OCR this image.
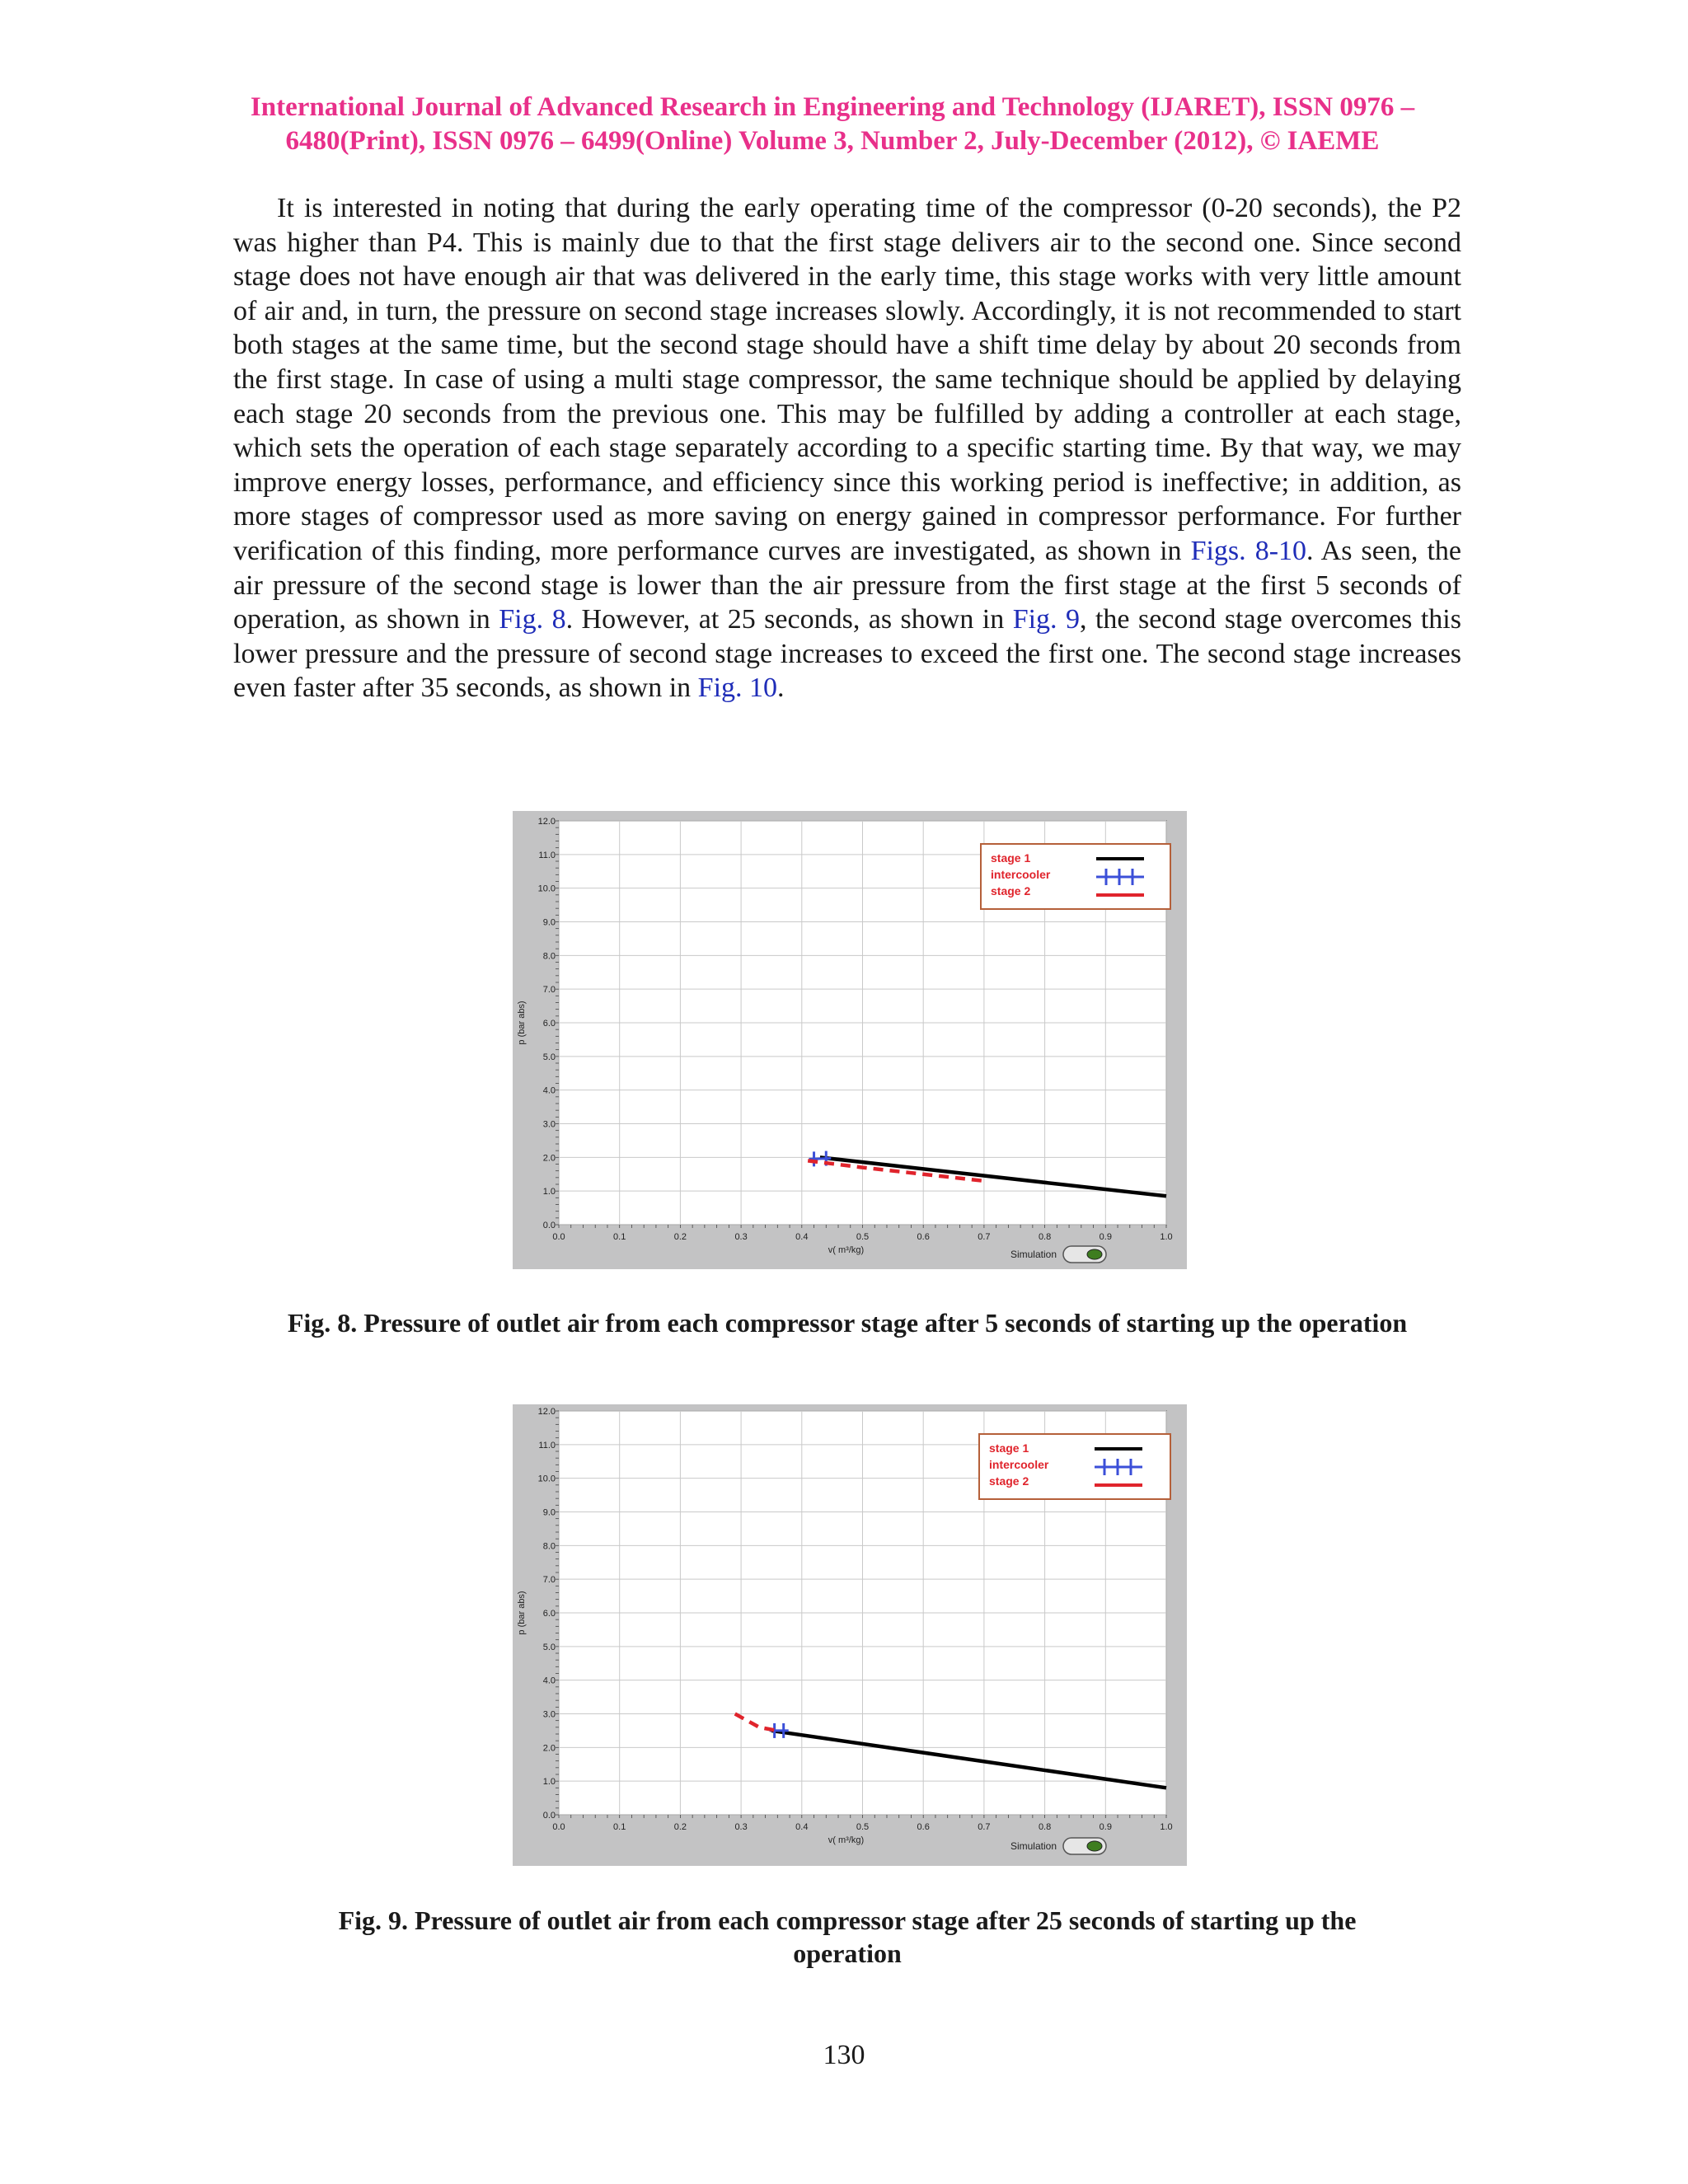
International Journal of Advanced Research in Engineering and Technology (IJARET), ISSN 0976 –
6480(Print), ISSN 0976 – 6499(Online) Volume 3, Number 2, July-December (2012), © IAEME

It is interested in noting that during the early operating time of the compressor (0-20 seconds), the P2 was higher than P4. This is mainly due to that the first stage delivers air to the second one. Since second stage does not have enough air that was delivered in the early time, this stage works with very little amount of air and, in turn, the pressure on second stage increases slowly. Accordingly, it is not recommended to start both stages at the same time, but the second stage should have a shift time delay by about 20 seconds from the first stage. In case of using a multi stage compressor, the same technique should be applied by delaying each stage 20 seconds from the previous one. This may be fulfilled by adding a controller at each stage, which sets the operation of each stage separately according to a specific starting time. By that way, we may improve energy losses, performance, and efficiency since this working period is ineffective; in addition, as more stages of compressor used as more saving on energy gained in compressor performance. For further verification of this finding, more performance curves are investigated, as shown in Figs. 8-10. As seen, the air pressure of the second stage is lower than the air pressure from the first stage at the first 5 seconds of operation, as shown in Fig. 8. However, at 25 seconds, as shown in Fig. 9, the second stage overcomes this lower pressure and the pressure of second stage increases to exceed the first one. The second stage increases even faster after 35 seconds, as shown in Fig. 10.

0.0	0.1	0.2	0.3	0.4	0.5	0.6	0.7	0.8	0.9	1.0
0.0
1.0
2.0
3.0
4.0
5.0
6.0
7.0
8.0
9.0
10.0
11.0
12.0
v( m³/kg)
p (bar abs)
stage 1
intercooler
stage 2
Simulation

Fig. 8. Pressure of outlet air from each compressor stage after 5 seconds of starting up the operation

0.0	0.1	0.2	0.3	0.4	0.5	0.6	0.7	0.8	0.9	1.0
0.0
1.0
2.0
3.0
4.0
5.0
6.0
7.0
8.0
9.0
10.0
11.0
12.0
v( m³/kg)
p (bar abs)
stage 1
intercooler
stage 2
Simulation

Fig. 9. Pressure of outlet air from each compressor stage after 25 seconds of starting up the
operation

130
